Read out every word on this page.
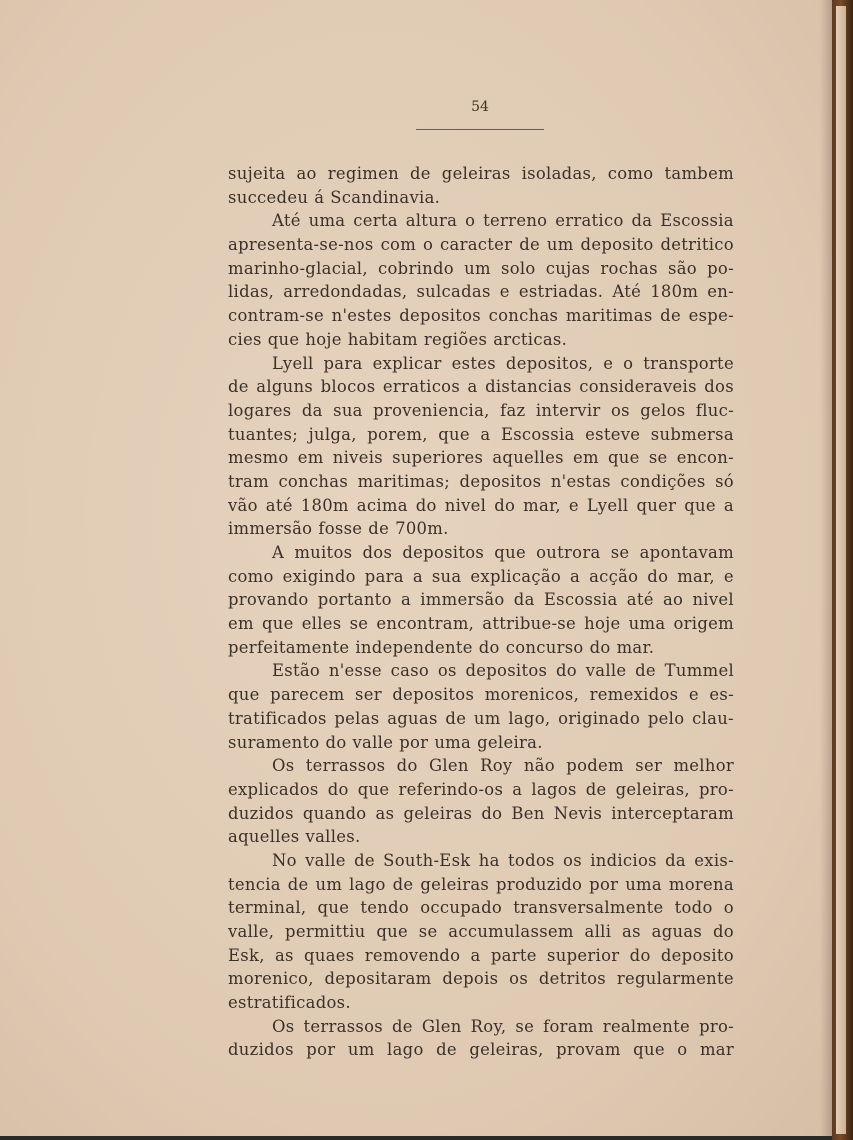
54
sujeita ao regimen de geleiras isoladas, como tambem
succedeu á Scandinavia.
Até uma certa altura o terreno erratico da Escossia
apresenta-se-nos com o caracter de um deposito detritico
marinho-glacial, cobrindo um solo cujas rochas são po-
lidas, arredondadas, sulcadas e estriadas. Até 180m en-
contram-se n'estes depositos conchas maritimas de espe-
cies que hoje habitam regiões arcticas.
Lyell para explicar estes depositos, e o transporte
de alguns blocos erraticos a distancias consideraveis dos
logares da sua proveniencia, faz intervir os gelos fluc-
tuantes; julga, porem, que a Escossia esteve submersa
mesmo em niveis superiores aquelles em que se encon-
tram conchas maritimas; depositos n'estas condições só
vão até 180m acima do nivel do mar, e Lyell quer que a
immersão fosse de 700m.
A muitos dos depositos que outrora se apontavam
como exigindo para a sua explicação a acção do mar, e
provando portanto a immersão da Escossia até ao nivel
em que elles se encontram, attribue-se hoje uma origem
perfeitamente independente do concurso do mar.
Estão n'esse caso os depositos do valle de Tummel
que parecem ser depositos morenicos, remexidos e es-
tratificados pelas aguas de um lago, originado pelo clau-
suramento do valle por uma geleira.
Os terrassos do Glen Roy não podem ser melhor
explicados do que referindo-os a lagos de geleiras, pro-
duzidos quando as geleiras do Ben Nevis interceptaram
aquelles valles.
No valle de South-Esk ha todos os indicios da exis-
tencia de um lago de geleiras produzido por uma morena
terminal, que tendo occupado transversalmente todo o
valle, permittiu que se accumulassem alli as aguas do
Esk, as quaes removendo a parte superior do deposito
morenico, depositaram depois os detritos regularmente
estratificados.
Os terrassos de Glen Roy, se foram realmente pro-
duzidos por um lago de geleiras, provam que o mar
